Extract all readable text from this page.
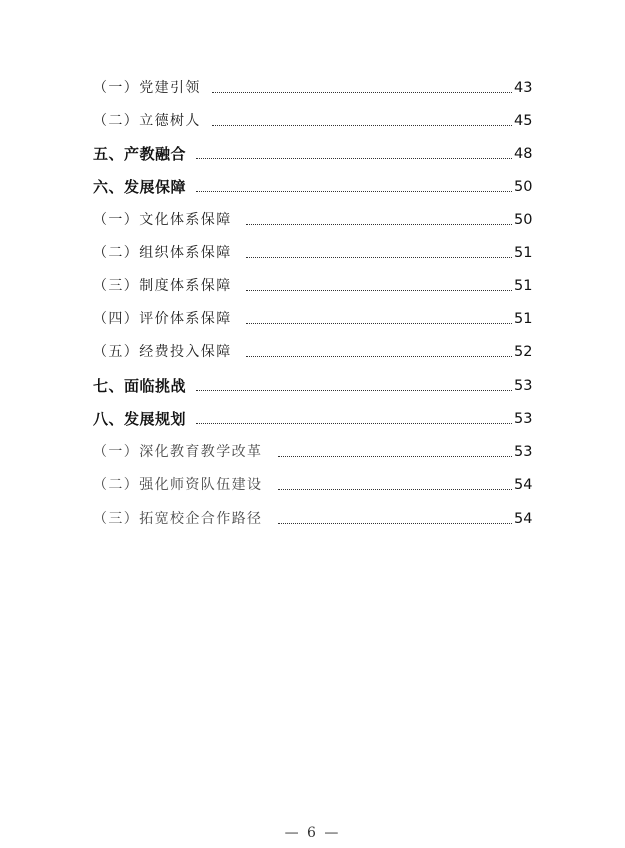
（一）党建引领	43
（二）立德树人	45
五、产教融合	48
六、发展保障	50
（一）文化体系保障	50
（二）组织体系保障	51
（三）制度体系保障	51
（四）评价体系保障	51
（五）经费投入保障	52
七、面临挑战	53
八、发展规划	53
（一）深化教育教学改革	53
（二）强化师资队伍建设	54
（三）拓宽校企合作路径	54
— 6 —
